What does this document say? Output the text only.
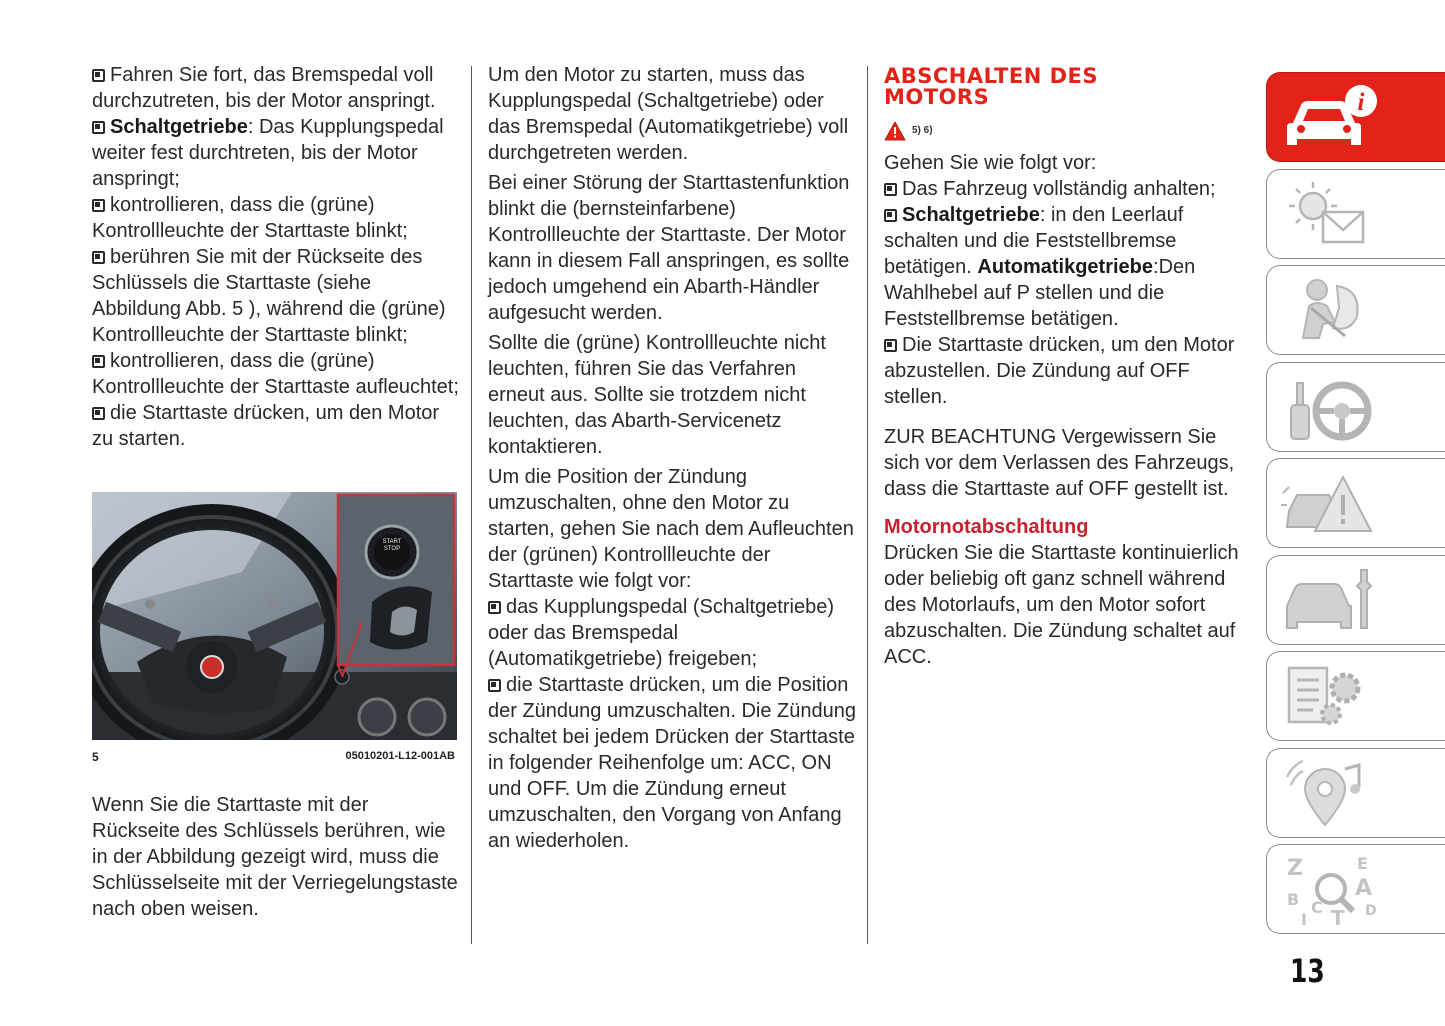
Fahren Sie fort, das Bremspedal voll durchzutreten, bis der Motor anspringt.

Schaltgetriebe: Das Kupplungspedal weiter fest durchtreten, bis der Motor anspringt;

kontrollieren, dass die (grüne) Kontrollleuchte der Starttaste blinkt;

berühren Sie mit der Rückseite des Schlüssels die Starttaste (siehe Abbildung Abb. 5 ), während die (grüne) Kontrollleuchte der Starttaste blinkt;

kontrollieren, dass die (grüne) Kontrollleuchte der Starttaste aufleuchtet;

die Starttaste drücken, um den Motor zu starten.

START STOP
5	05010201-L12-001AB

Wenn Sie die Starttaste mit der Rückseite des Schlüssels berühren, wie in der Abbildung gezeigt wird, muss die Schlüsselseite mit der Verriegelungstaste nach oben weisen.

Um den Motor zu starten, muss das Kupplungspedal (Schaltgetriebe) oder das Bremspedal (Automatikgetriebe) voll durchgetreten werden.

Bei einer Störung der Starttastenfunktion blinkt die (bernsteinfarbene) Kontrollleuchte der Starttaste. Der Motor kann in diesem Fall anspringen, es sollte jedoch umgehend ein Abarth-Händler aufgesucht werden.

Sollte die (grüne) Kontrollleuchte nicht leuchten, führen Sie das Verfahren erneut aus. Sollte sie trotzdem nicht leuchten, das Abarth-Servicenetz kontaktieren.

Um die Position der Zündung umzuschalten, ohne den Motor zu starten, gehen Sie nach dem Aufleuchten der (grünen) Kontrollleuchte der Starttaste wie folgt vor:

das Kupplungspedal (Schaltgetriebe) oder das Bremspedal (Automatikgetriebe) freigeben;

die Starttaste drücken, um die Position der Zündung umzuschalten. Die Zündung schaltet bei jedem Drücken der Starttaste in folgender Reihenfolge um: ACC, ON und OFF. Um die Zündung erneut umzuschalten, den Vorgang von Anfang an wiederholen.

ABSCHALTEN DES
MOTORS

5) 6)

Gehen Sie wie folgt vor:

Das Fahrzeug vollständig anhalten;

Schaltgetriebe: in den Leerlauf schalten und die Feststellbremse betätigen. Automatikgetriebe:Den Wahlhebel auf P stellen und die Feststellbremse betätigen.

Die Starttaste drücken, um den Motor abzustellen. Die Zündung auf OFF stellen.

ZUR BEACHTUNG Vergewissern Sie sich vor dem Verlassen des Fahrzeugs, dass die Starttaste auf OFF gestellt ist.

Motornotabschaltung

Drücken Sie die Starttaste kontinuierlich oder beliebig oft ganz schnell während des Motorlaufs, um den Motor sofort abzuschalten. Die Zündung schaltet auf ACC.

i
Z	E
B	A
C T D
I
13
